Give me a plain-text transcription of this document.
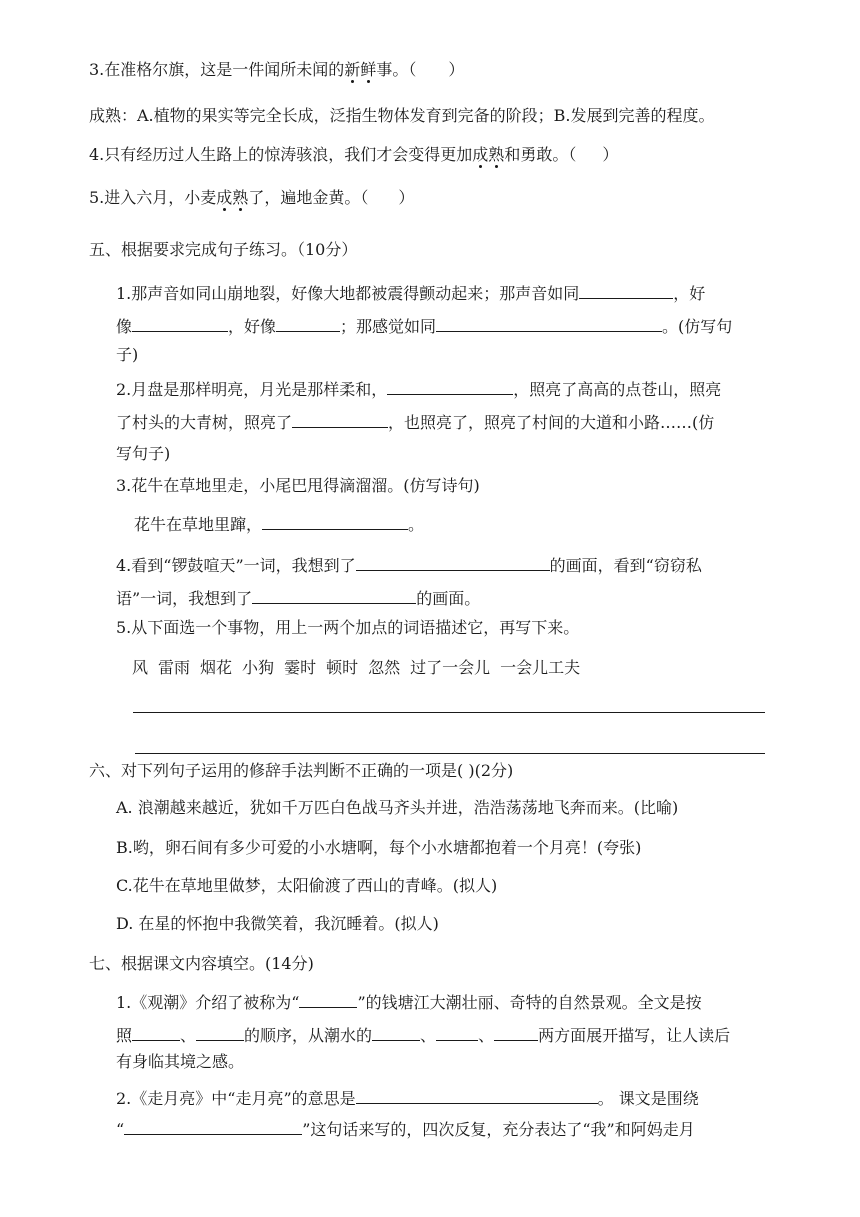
3.在准格尔旗，这是一件闻所未闻的新鲜事。（ ）
成熟：A.植物的果实等完全长成，泛指生物体发育到完备的阶段；B.发展到完善的程度。
4.只有经历过人生路上的惊涛骇浪，我们才会变得更加成熟和勇敢。（ ）
5.进入六月，小麦成熟了，遍地金黄。（ ）
五、根据要求完成句子练习。（10分）
1.那声音如同山崩地裂，好像大地都被震得颤动起来；那声音如同	，好
像	，好像	；那感觉如同	。(仿写句
子)
2.月盘是那样明亮，月光是那样柔和，	，照亮了高高的点苍山，照亮
了村头的大青树，照亮了	，也照亮了，照亮了村间的大道和小路……(仿
写句子)
3.花牛在草地里走，小尾巴甩得滴溜溜。(仿写诗句)
花牛在草地里蹿，	。
4.看到“锣鼓喧天”一词，我想到了	的画面，看到“窃窃私
语”一词，我想到了	的画面。
5.从下面选一个事物，用上一两个加点的词语描述它，再写下来。
风 雷雨 烟花 小狗 霎时 顿时 忽然 过了一会儿 一会儿工夫
六、对下列句子运用的修辞手法判断不正确的一项是( )(2分)
A. 浪潮越来越近，犹如千万匹白色战马齐头并进，浩浩荡荡地飞奔而来。(比喻)
B.哟，卵石间有多少可爱的小水塘啊，每个小水塘都抱着一个月亮！(夸张)
C.花牛在草地里做梦，太阳偷渡了西山的青峰。(拟人)
D. 在星的怀抱中我微笑着，我沉睡着。(拟人)
七、根据课文内容填空。(14分)
1.《观潮》介绍了被称为“	”的钱塘江大潮壮丽、奇特的自然景观。全文是按
照	、	的顺序，从潮水的	、	、	两方面展开描写，让人读后
有身临其境之感。
2.《走月亮》中“走月亮”的意思是	。 课文是围绕
“	”这句话来写的，四次反复，充分表达了“我”和阿妈走月
